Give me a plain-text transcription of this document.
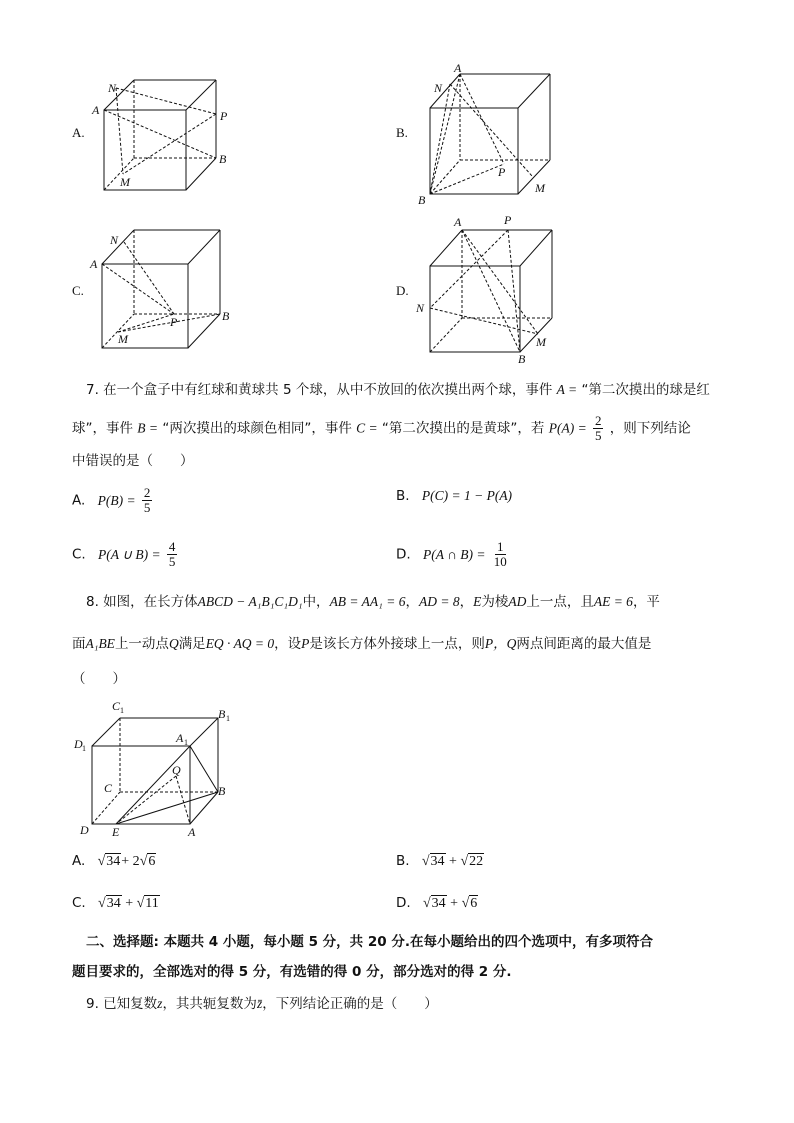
A.
N
A	P
B
M
B.
A
N
P
M
B
C.
N
A
P	B
M
D.
A	P
N
M
B
7. 在一个盒子中有红球和黄球共 5 个球，从中不放回的依次摸出两个球，事件 A = “第二次摸出的球是红
球”，事件 B = “两次摸出的球颜色相同”，事件 C = “第二次摸出的是黄球”，若 $P(A) = \frac{2}{5}$ ，则下列结论
中错误的是（　　）
A. $P(B) = \frac{2}{5}$	B. P(C) = 1 − P(A)
C. P(A ∪ $B) = \frac{4}{5}$	D. P(A ∩ $B) = \frac{1}{10}$
8. 如图，在长方体ABCD − A₁B₁C₁D₁中，AB = AA₁ = 6，AD = 8，E为棱AD上一点，且AE = 6，平
面A₁BE上一动点Q满足EQ · AQ = 0，设P是该长方体外接球上一点，则P，Q两点间距离的最大值是
（　　）
C 1	B 1
D 1
A 1
Q
C	B
D E	A
A. √34+ 2√6	B. √34 + √22
C. √34 + √11	D. √34 + √6
二、选择题: 本题共 4 小题，每小题 5 分，共 20 分.在每小题给出的四个选项中，有多项符合
题目要求的，全部选对的得 5 分，有选错的得 0 分，部分选对的得 2 分.
9. 已知复数z，其共轭复数为z̄，下列结论正确的是（　　）
